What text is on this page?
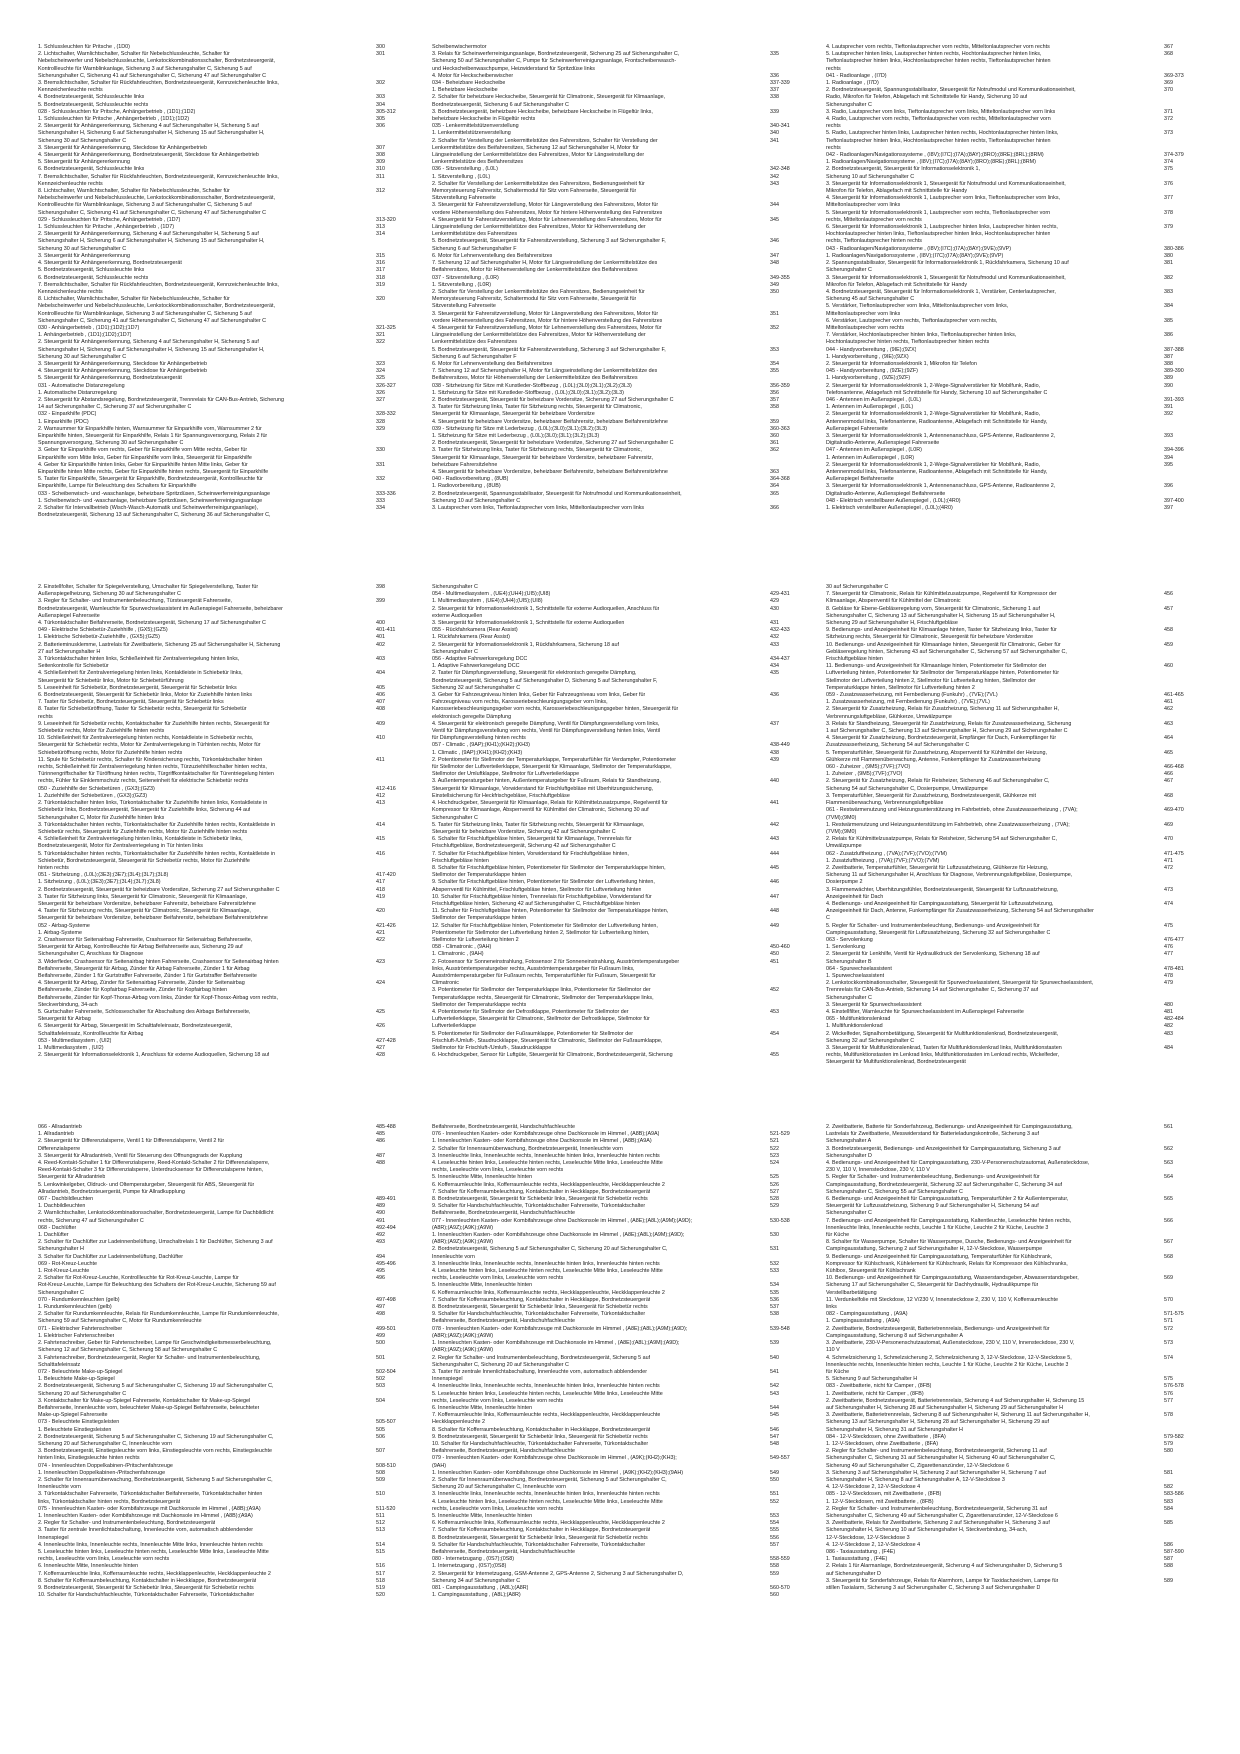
1. Schlussleuchten für Pritsche , (1D0)	300
2. Lichtschalter, Warnlichtschalter, Schalter für Nebelschlussleuchte, Schalter für	301
Nebelscheinwerfer und Nebelschlussleuchte, Lenkstockkombinationsschalter, Bordnetzsteuergerät,
Kontrollleuchte für Warnblinkanlage, Sicherung 3 auf Sicherungshalter C, Sicherung 5 auf
Sicherungshalter C, Sicherung 41 auf Sicherungshalter C, Sicherung 47 auf Sicherungshalter C
3. Bremslichtschalter, Schalter für Rückfahrleuchten, Bordnetzsteuergerät, Kennzeichenleuchte links,	302
Kennzeichenleuchte rechts
4. Bordnetzsteuergerät, Schlussleuchte links	303
5. Bordnetzsteuergerät, Schlussleuchte rechts	304
028 - Schlussleuchten für Pritsche, Anhängerbetrieb , (1D1);(1D2)	305-312
1. Schlussleuchten für Pritsche , Anhängerbetrieb , (1D1);(1D2)	305
2. Steuergerät für Anhängererkennung, Sicherung 4 auf Sicherungshalter H, Sicherung 5 auf	306
Sicherungshalter H, Sicherung 6 auf Sicherungshalter H, Sicherung 15 auf Sicherungshalter H,
Sicherung 30 auf Sicherungshalter C
3. Steuergerät für Anhängererkennung, Steckdose für Anhängerbetrieb	307
4. Steuergerät für Anhängererkennung, Bordnetzsteuergerät, Steckdose für Anhängerbetrieb	308
5. Steuergerät für Anhängererkennung	309
6. Bordnetzsteuergerät, Schlussleuchte links	310
7. Bremslichtschalter, Schalter für Rückfahrleuchten, Bordnetzsteuergerät, Kennzeichenleuchte links,	311
Kennzeichenleuchte rechts
8. Lichtschalter, Warnlichtschalter, Schalter für Nebelschlussleuchte, Schalter für	312
Nebelscheinwerfer und Nebelschlussleuchte, Lenkstockkombinationsschalter, Bordnetzsteuergerät,
Kontrollleuchte für Warnblinkanlage, Sicherung 3 auf Sicherungshalter C, Sicherung 5 auf
Sicherungshalter C, Sicherung 41 auf Sicherungshalter C, Sicherung 47 auf Sicherungshalter C
029 - Schlussleuchten für Pritsche, Anhängerbetrieb , (1D7)	313-320
1. Schlussleuchten für Pritsche , Anhängerbetrieb , (1D7)	313
2. Steuergerät für Anhängererkennung, Sicherung 4 auf Sicherungshalter H, Sicherung 5 auf	314
Sicherungshalter H, Sicherung 6 auf Sicherungshalter H, Sicherung 15 auf Sicherungshalter H,
Sicherung 30 auf Sicherungshalter C
3. Steuergerät für Anhängererkennung	315
4. Steuergerät für Anhängererkennung, Bordnetzsteuergerät	316
5. Bordnetzsteuergerät, Schlussleuchte links	317
6. Bordnetzsteuergerät, Schlussleuchte rechts	318
7. Bremslichtschalter, Schalter für Rückfahrleuchten, Bordnetzsteuergerät, Kennzeichenleuchte links,	319
Kennzeichenleuchte rechts
8. Lichtschalter, Warnlichtschalter, Schalter für Nebelschlussleuchte, Schalter für	320
Nebelscheinwerfer und Nebelschlussleuchte, Lenkstockkombinationsschalter, Bordnetzsteuergerät,
Kontrollleuchte für Warnblinkanlage, Sicherung 3 auf Sicherungshalter C, Sicherung 5 auf
Sicherungshalter C, Sicherung 41 auf Sicherungshalter C, Sicherung 47 auf Sicherungshalter C
030 - Anhängerbetrieb , (1D1);(1D2);(1D7)	321-325
1. Anhängerbetrieb , (1D1);(1D2);(1D7)	321
2. Steuergerät für Anhängererkennung, Sicherung 4 auf Sicherungshalter H, Sicherung 5 auf	322
Sicherungshalter H, Sicherung 6 auf Sicherungshalter H, Sicherung 15 auf Sicherungshalter H,
Sicherung 30 auf Sicherungshalter C
3. Steuergerät für Anhängererkennung, Steckdose für Anhängerbetrieb	323
4. Steuergerät für Anhängererkennung, Steckdose für Anhängerbetrieb	324
5. Steuergerät für Anhängererkennung, Bordnetzsteuergerät	325
031 - Automatische Distanzregelung	326-327
1. Automatische Distanzregelung	326
2. Steuergerät für Abstandsregelung, Bordnetzsteuergerät, Trennrelais für CAN-Bus-Antrieb, Sicherung	327
14 auf Sicherungshalter C, Sicherung 37 auf Sicherungshalter C
032 - Einparkhilfe (PDC)	328-332
1. Einparkhilfe (PDC)	328
2. Warnsummer für Einparkhilfe hinten, Warnsummer für Einparkhilfe vorn, Warnsummer 2 für	329
Einparkhilfe hinten, Steuergerät für Einparkhilfe, Relais 1 für Spannungsversorgung, Relais 2 für
Spannungsversorgung, Sicherung 30 auf Sicherungshalter C
3. Geber für Einparkhilfe vorn rechts, Geber für Einparkhilfe vorn Mitte rechts, Geber für	330
Einparkhilfe vorn Mitte links, Geber für Einparkhilfe vorn links, Steuergerät für Einparkhilfe
4. Geber für Einparkhilfe hinten links, Geber für Einparkhilfe hinten Mitte links, Geber für	331
Einparkhilfe hinten Mitte rechts, Geber für Einparkhilfe hinten rechts, Steuergerät für Einparkhilfe
5. Taster für Einparkhilfe, Steuergerät für Einparkhilfe, Bordnetzsteuergerät, Kontrollleuchte für	332
Einparkhilfe, Lampe für Beleuchtung des Schalters für Einparkhilfe
033 - Scheibenwisch- und -waschanlage, beheizbare Spritzdüsen, Scheinwerferreinigungsanlage	333-336
1. Scheibenwisch- und -waschanlage, beheizbare Spritzdüsen, Scheinwerferreinigungsanlage	333
2. Schalter für Intervallbetrieb (Wisch-Wasch-Automatik und Scheinwerferreinigungsanlage),	334
Bordnetzsteuergerät, Sicherung 13 auf Sicherungshalter C, Sicherung 36 auf Sicherungshalter C,
Scheibenwischermotor
3. Relais für Scheinwerferreinigungsanlage, Bordnetzsteuergerät, Sicherung 25 auf Sicherungshalter C,	335
Sicherung 50 auf Sicherungshalter C, Pumpe für Scheinwerferreinigungsanlage, Frontscheibenwasch-
und Heckscheibenwaschpumpe, Heizwiderstand für Spritzdüse links
4. Motor für Heckscheibenwischer	336
034 - Beheizbare Heckscheibe	337-339
1. Beheizbare Heckscheibe	337
2. Schalter für beheizbare Heckscheibe, Steuergerät für Climatronic, Steuergerät für Klimaanlage,	338
Bordnetzsteuergerät, Sicherung 6 auf Sicherungshalter C
3. Bordnetzsteuergerät, beheizbare Heckscheibe, beheizbare Heckscheibe in Flügeltür links,	339
beheizbare Heckscheibe in Flügeltür rechts
035 - Lenkermittelstützenverstellung	340-341
1. Lenkermittelstützenverstellung	340
2. Schalter für Verstellung der Lenkermittelstütze des Fahrersitzes, Schalter für Verstellung der	341
Lenkermittelstütze des Beifahrersitzes, Sicherung 12 auf Sicherungshalter H, Motor für
Längseinstellung der Lenkermittelstütze des Fahrersitzes, Motor für Längseinstellung der
Lenkermittelstütze des Beifahrersitzes
036 - Sitzverstellung , (L0L)	342-348
1. Sitzverstellung , (L0L)	342
2. Schalter für Verstellung der Lenkermittelstütze des Fahrersitzes, Bedienungseinheit für	343
Memorysteuerung Fahrersitz, Schaltermodul für Sitz vorn Fahrerseite, Steuergerät für
Sitzverstellung Fahrerseite
3. Steuergerät für Fahrersitzverstellung, Motor für Längsverstellung des Fahrersitzes, Motor für	344
vordere Höhenverstellung des Fahrersitzes, Motor für hintere Höhenverstellung des Fahrersitzes
4. Steuergerät für Fahrersitzverstellung, Motor für Lehnenverstellung des Fahrersitzes, Motor für	345
Längseinstellung der Lenkermittelstütze des Fahrersitzes, Motor für Höhenverstellung der
Lenkermittelstütze des Fahrersitzes
5. Bordnetzsteuergerät, Steuergerät für Fahrersitzverstellung, Sicherung 3 auf Sicherungshalter F,	346
Sicherung 6 auf Sicherungshalter F
6. Motor für Lehnenverstellung des Beifahrersitzes	347
7. Sicherung 12 auf Sicherungshalter H, Motor für Längseinstellung der Lenkermittelstütze des	348
Beifahrersitzes, Motor für Höhenverstellung der Lenkermittelstütze des Beifahrersitzes
037 - Sitzverstellung , (L0R)	349-355
1. Sitzverstellung , (L0R)	349
2. Schalter für Verstellung der Lenkermittelstütze des Fahrersitzes, Bedienungseinheit für	350
Memorysteuerung Fahrersitz, Schaltermodul für Sitz vorn Fahrerseite, Steuergerät für
Sitzverstellung Fahrerseite
3. Steuergerät für Fahrersitzverstellung, Motor für Längsverstellung des Fahrersitzes, Motor für	351
vordere Höhenverstellung des Fahrersitzes, Motor für hintere Höhenverstellung des Fahrersitzes
4. Steuergerät für Fahrersitzverstellung, Motor für Lehnenverstellung des Fahrersitzes, Motor für	352
Längseinstellung der Lenkermittelstütze des Fahrersitzes, Motor für Höhenverstellung der
Lenkermittelstütze des Fahrersitzes
5. Bordnetzsteuergerät, Steuergerät für Fahrersitzverstellung, Sicherung 3 auf Sicherungshalter F,	353
Sicherung 6 auf Sicherungshalter F
6. Motor für Lehnenverstellung des Beifahrersitzes	354
7. Sicherung 12 auf Sicherungshalter H, Motor für Längseinstellung der Lenkermittelstütze des	355
Beifahrersitzes, Motor für Höhenverstellung der Lenkermittelstütze des Beifahrersitzes
038 - Sitzheizung für Sitze mit Kunstleder-Stoffbezug , (L0L);(3L0);(3L1);(3L2);(3L3)	356-359
1. Sitzheizung für Sitze mit Kunstleder-Stoffbezug , (L0L);(3L0);(3L1);(3L2);(3L3)	356
2. Bordnetzsteuergerät, Steuergerät für beheizbare Vordersitze, Sicherung 27 auf Sicherungshalter C	357
3. Taster für Sitzheizung links, Taster für Sitzheizung rechts, Steuergerät für Climatronic,	358
Steuergerät für Klimaanlage, Steuergerät für beheizbare Vordersitze
4. Steuergerät für beheizbare Vordersitze, beheizbarer Beifahrersitz, beheizbare Beifahrersitzlehne	359
039 - Sitzheizung für Sitze mit Lederbezug , (L0L);(3L0);(3L1);(3L2);(3L3)	360-363
1. Sitzheizung für Sitze mit Lederbezug , (L0L);(3L0);(3L1);(3L2);(3L3)	360
2. Bordnetzsteuergerät, Steuergerät für beheizbare Vordersitze, Sicherung 27 auf Sicherungshalter C	361
3. Taster für Sitzheizung links, Taster für Sitzheizung rechts, Steuergerät für Climatronic,	362
Steuergerät für Klimaanlage, Steuergerät für beheizbare Vordersitze, beheizbarer Fahrersitz,
beheizbare Fahrersitzlehne
4. Steuergerät für beheizbare Vordersitze, beheizbarer Beifahrersitz, beheizbare Beifahrersitzlehne	363
040 - Radiovorbereitung , (8UB)	364-368
1. Radiovorbereitung , (8UB)	364
2. Bordnetzsteuergerät, Spannungsstabilisator, Steuergerät für Notrufmodul und Kommunikationseinheit,	365
Sicherung 10 auf Sicherungshalter C
3. Lautsprecher vorn links, Tieftonlautsprecher vorn links, Mitteltonlautsprecher vorn links	366
4. Lautsprecher vorn rechts, Tieftonlautsprecher vorn rechts, Mitteltonlautsprecher vorn rechts	367
5. Lautsprecher hinten links, Lautsprecher hinten rechts, Hochtonlautsprecher hinten links,	368
Tieftonlautsprecher hinten links, Hochtonlautsprecher hinten rechts, Tieftonlautsprecher hinten
rechts
041 - Radioanlage , (I7D)	369-373
1. Radioanlage , (I7D)	369
2. Bordnetzsteuergerät, Spannungsstabilisator, Steuergerät für Notrufmodul und Kommunikationseinheit,	370
Radio, Mikrofon für Telefon, Ablagefach mit Schnittstelle für Handy, Sicherung 10 auf
Sicherungshalter C
3. Radio, Lautsprecher vorn links, Tieftonlautsprecher vorn links, Mitteltonlautsprecher vorn links	371
4. Radio, Lautsprecher vorn rechts, Tieftonlautsprecher vorn rechts, Mitteltonlautsprecher vorn	372
rechts
5. Radio, Lautsprecher hinten links, Lautsprecher hinten rechts, Hochtonlautsprecher hinten links,	373
Tieftonlautsprecher hinten links, Hochtonlautsprecher hinten rechts, Tieftonlautsprecher hinten
rechts
042 - Radioanlagen/Navigationssysteme , (I8V);(I7C);(I7A);(8AY);(8RO);(8RE);(8RL);(8RM)	374-379
1. Radioanlagen/Navigationssysteme , (I8V);(I7C);(I7A);(8AY);(8RO);(8RE);(8RL);(8RM)	374
2. Bordnetzsteuergerät, Steuergerät für Informationselektronik 1,	375
Sicherung 10 auf Sicherungshalter C
3. Steuergerät für Informationselektronik 1, Steuergerät für Notrufmodul und Kommunikationseinheit,	376
Mikrofon für Telefon, Ablagefach mit Schnittstelle für Handy
4. Steuergerät für Informationselektronik 1, Lautsprecher vorn links, Tieftonlautsprecher vorn links,	377
Mitteltonlautsprecher vorn links
5. Steuergerät für Informationselektronik 1, Lautsprecher vorn rechts, Tieftonlautsprecher vorn	378
rechts, Mitteltonlautsprecher vorn rechts
6. Steuergerät für Informationselektronik 1, Lautsprecher hinten links, Lautsprecher hinten rechts,	379
Hochtonlautsprecher hinten links, Tieftonlautsprecher hinten links, Hochtonlautsprecher hinten
rechts, Tieftonlautsprecher hinten rechts
043 - Radioanlagen/Navigationssysteme , (I8V);(I7C);(I7A);(8AY);(9VE);(9VP)	380-386
1. Radioanlagen/Navigationssysteme , (I8V);(I7C);(I7A);(8AY);(9VE);(9VP)	380
2. Spannungsstabilisator, Steuergerät für Informationselektronik 1, Rückfahrkamera, Sicherung 10 auf	381
Sicherungshalter C
3. Steuergerät für Informationselektronik 1, Steuergerät für Notrufmodul und Kommunikationseinheit,	382
Mikrofon für Telefon, Ablagefach mit Schnittstelle für Handy
4. Bordnetzsteuergerät, Steuergerät für Informationselektronik 1, Verstärker, Centerlautsprecher,	383
Sicherung 45 auf Sicherungshalter C
5. Verstärker, Tieftonlautsprecher vorn links, Mitteltonlautsprecher vorn links,	384
Mitteltonlautsprecher vorn links
6. Verstärker, Lautsprecher vorn rechts, Tieftonlautsprecher vorn rechts,	385
Mitteltonlautsprecher vorn rechts
7. Verstärker, Hochtonlautsprecher hinten links, Tieftonlautsprecher hinten links,	386
Hochtonlautsprecher hinten rechts, Tieftonlautsprecher hinten rechts
044 - Handyvorbereitung , (9IE);(9ZX)	387-388
1. Handyvorbereitung , (9IE);(9ZX)	387
2. Steuergerät für Informationselektronik 1, Mikrofon für Telefon	388
045 - Handyvorbereitung , (9ZE);(9ZF)	389-390
1. Handyvorbereitung , (9ZE);(9ZF)	389
2. Steuergerät für Informationselektronik 1, 2-Wege-Signalverstärker für Mobilfunk, Radio,	390
Telefonantenne, Ablagefach mit Schnittstelle für Handy, Sicherung 10 auf Sicherungshalter C
046 - Antennen im Außenspiegel , (L0L)	391-393
1. Antennen im Außenspiegel , (L0L)	391
2. Steuergerät für Informationselektronik 1, 2-Wege-Signalverstärker für Mobilfunk, Radio,	392
Antennenmodul links, Telefonantenne, Radioantenne, Ablagefach mit Schnittstelle für Handy,
Außenspiegel Fahrerseite
3. Steuergerät für Informationselektronik 1, Antennenanschluss, GPS-Antenne, Radioantenne 2,	393
Digitalradio-Antenne, Außenspiegel Fahrerseite
047 - Antennen im Außenspiegel , (L0R)	394-396
1. Antennen im Außenspiegel , (L0R)	394
2. Steuergerät für Informationselektronik 1, 2-Wege-Signalverstärker für Mobilfunk, Radio,	395
Antennenmodul links, Telefonantenne, Radioantenne, Ablagefach mit Schnittstelle für Handy,
Außenspiegel Beifahrerseite
3. Steuergerät für Informationselektronik 1, Antennenanschluss, GPS-Antenne, Radioantenne 2,	396
Digitalradio-Antenne, Außenspiegel Beifahrerseite
048 - Elektrisch verstellbarer Außenspiegel , (L0L);(4R0)	397-400
1. Elektrisch verstellbarer Außenspiegel , (L0L);(4R0)	397
2. Einstellfolter, Schalter für Spiegelverstellung, Umschalter für Spiegelverstellung, Taster für	398
Außenspiegelheizung, Sicherung 30 auf Sicherungshalter C
3. Regler für Schalter- und Instrumentenbeleuchtung, Türsteuergerät Fahrerseite,	399
Bordnetzsteuergerät, Warnleuchte für Spurwechselassistent im Außenspiegel Fahrerseite, beheizbarer
Außenspiegel Fahrerseite
4. Türkontaktschalter Beifahrerseite, Bordnetzsteuergerät, Sicherung 17 auf Sicherungshalter C	400
049 - Elektrische Schiebetür-Zuziehhilfe , (GX5);(GZ5)	401-411
1. Elektrische Schiebetür-Zuziehhilfe , (GX5);(GZ5)	401
2. Batterieminusklemme, Lastrelais für Zweitbatterie, Sicherung 25 auf Sicherungshalter H, Sicherung	402
27 auf Sicherungshalter H
3. Türkontaktschalter hinten links, Schließeinheit für Zentralverriegelung hinten links,	403
Seitenkontrolle für Schiebetür
4. Schließeinheit für Zentralverriegelung hinten links, Kontaktleiste in Schiebetür links,	404
Steuergerät für Schiebetür links, Motor für Schiebetürführung
5. Leseeinheit für Schiebetür, Bordnetzsteuergerät, Steuergerät für Schiebetür links	405
6. Bordnetzsteuergerät, Steuergerät für Schiebetür links, Motor für Zuziehhilfe hinten links	406
7. Taster für Schiebetür, Bordnetzsteuergerät, Steuergerät für Schiebetür links	407
8. Taster für Schiebetüröffnung, Taster für Schiebetür rechts, Steuergerät für Schiebetür	408
rechts
9. Leseeinheit für Schiebetür rechts, Kontaktschalter für Zuziehhilfe hinten rechts, Steuergerät für	409
Schiebetür rechts, Motor für Zuziehhilfe hinten rechts
10. Schließeinheit für Zentralverriegelung hinten rechts, Kontaktleiste in Schiebetür rechts,	410
Steuergerät für Schiebetür rechts, Motor für Zentralverriegelung in Türhinten rechts, Motor für
Schiebetüröffnung rechts, Motor für Zuziehhilfe hinten rechts
11. Spule für Schiebetür rechts, Schalter für Kindersicherung rechts, Türkontaktschalter hinten	411
rechts, Schließeinheit für Zentralverriegelung hinten rechts, Türzuziehhilfeschalter hinten rechts,
Türinnengriffschalter für Türöffnung hinten rechts, Türgriffkontaktschalter für Türentriegelung hinten
rechts, Fühler für Einklemmschutz rechts, Seiteneinheit für elektrische Schiebetür rechts
050 - Zuziehhilfe der Schiebetüren , (GX3);(GZ3)	412-416
1. Zuziehhilfe der Schiebetüren , (GX3);(GZ3)	412
2. Türkontaktschalter hinten links, Türkontaktschalter für Zuziehhilfe hinten links, Kontaktleiste in	413
Schiebetür links, Bordnetzsteuergerät, Steuergerät für Zuziehhilfe links, Sicherung 44 auf
Sicherungshalter C, Motor für Zuziehhilfe hinten links
3. Türkontaktschalter hinten rechts, Türkontaktschalter für Zuziehhilfe hinten rechts, Kontaktleiste in	414
Schiebetür rechts, Steuergerät für Zuziehhilfe rechts, Motor für Zuziehhilfe hinten rechts
4. Schließeinheit für Zentralverriegelung hinten links, Kontaktleiste in Schiebetür links,	415
Bordnetzsteuergerät, Motor für Zentralverriegelung in Tür hinten links
5. Türkontaktschalter hinten rechts, Türkontaktschalter für Zuziehhilfe hinten rechts, Kontaktleiste in	416
Schiebetür, Bordnetzsteuergerät, Steuergerät für Schiebetür rechts, Motor für Zuziehhilfe
hinten rechts
051 - Sitzheizung , (L0L);(3E3);(3E7);(3L4);(3L7);(3L8)	417-420
1. Sitzheizung , (L0L);(3E3);(3E7);(3L4);(3L7);(3L8)	417
2. Bordnetzsteuergerät, Steuergerät für beheizbare Vordersitze, Sicherung 27 auf Sicherungshalter C	418
3. Taster für Sitzheizung links, Steuergerät für Climatronic, Steuergerät für Klimaanlage,	419
Steuergerät für beheizbare Vordersitze, beheizbarer Fahrersitz, beheizbare Fahrersitzlehne
4. Taster für Sitzheizung rechts, Steuergerät für Climatronic, Steuergerät für Klimaanlage,	420
Steuergerät für beheizbare Vordersitze, beheizbarer Beifahrersitz, beheizbare Beifahrersitzlehne
052 - Airbag-Systeme	421-426
1. Airbag-Systeme	421
2. Crashsensor für Seitenairbag Fahrerseite, Crashsensor für Seitenairbag Beifahrerseite,	422
Steuergerät für Airbag, Kontrollleuchte für Airbag Beifahrerseite aus, Sicherung 29 auf
Sicherungshalter C, Anschluss für Diagnose
3. Widerfleder, Crashsensor für Seitenairbag hinten Fahrerseite, Crashsensor für Seitenairbag hinten	423
Beifahrerseite, Steuergerät für Airbag, Zünder für Airbag Fahrerseite, Zünder 1 für Airbag
Beifahrerseite, Zünder 1 für Gurtstraffer Fahrerseite, Zünder 1 für Gurtstraffer Beifahrerseite
4. Steuergerät für Airbag, Zünder für Seitenairbag Fahrerseite, Zünder für Seitenairbag	424
Beifahrerseite, Zünder für Kopfairbag Fahrerseite, Zünder für Kopfairbag hinten
Beifahrerseite, Zünder für Kopf-Thorax-Airbag vorn links, Zünder für Kopf-Thorax-Airbag vorn rechts,
Steckverbindung, 34-ach
5. Gurtschalter Fahrerseite, Schlosseschalter für Abschaltung des Airbags Beifahrerseite,	425
Steuergerät für Airbag
6. Steuergerät für Airbag, Steuergerät im Schalttafeleinsatz, Bordnetzsteuergerät,	426
Schalttafeleinsatz, Kontrollleuchte für Airbag
053 - Multimediasystem , (UI2)	427-428
1. Multimediasystem , (UI2)	427
2. Steuergerät für Informationselektronik 1, Anschluss für externe Audioquellen, Sicherung 18 auf	428
Sicherungshalter C
054 - Multimediasystem , (UE4);(UH4);(UI5);(UI8)	429-431
1. Multimediasystem , (UE4);(UH4);(UI5);(UI8)	429
2. Steuergerät für Informationselektronik 1, Schnittstelle für externe Audioquellen, Anschluss für	430
externe Audioquellen
3. Steuergerät für Informationselektronik 1, Schnittstelle für externe Audioquellen	431
055 - Rückfahrkamera (Rear Assist)	432-433
1. Rückfahrkamera (Rear Assist)	432
2. Steuergerät für Informationselektronik 1, Rückfahrkamera, Sicherung 18 auf	433
Sicherungshalter C
056 - Adaptive Fahrwerksregelung DCC	434-437
1. Adaptive Fahrwerksregelung DCC	434
2. Taster für Dämpfungsverstellung, Steuergerät für elektronisch geregelte Dämpfung,	435
Bordnetzsteuergerät, Sicherung 5 auf Sicherungshalter D, Sicherung 5 auf Sicherungshalter F,
Sicherung 32 auf Sicherungshalter C
3. Geber für Fahrzeugniveau hinten links, Geber für Fahrzeugniveau vorn links, Geber für	436
Fahrzeugniveau vorn rechts, Karosseriebeschleunigungsgeber vorn links,
Karosseriebeschleunigungsgeber vorn rechts, Karosseriebeschleunigungsgeber hinten, Steuergerät für
elektronisch geregelte Dämpfung
4. Steuergerät für elektronisch geregelte Dämpfung, Ventil für Dämpfungsverstellung vorn links,	437
Ventil für Dämpfungsverstellung vorn rechts, Ventil für Dämpfungsverstellung hinten links, Ventil
für Dämpfungsverstellung hinten rechts
057 - Climatic , (9AP);(KH1);(KH2);(KH3)	438-449
1. Climatic , (9AP);(KH1);(KH2);(KH3)	438
2. Potentiometer für Stellmotor der Temperaturklappe, Temperaturfühler für Verdampfer, Potentiometer	439
für Stellmotor der Luftverteilerklappe, Steuergerät für Klimaanlage, Stellmotor der Temperaturklappe,
Stellmotor der Umluftklappe, Stellmotor für Luftverteilerklappe
3. Außentemperaturgeber hinten, Außentemperaturgeber für Fußraum, Relais für Standheizung,	440
Steuergerät für Klimaanlage, Vorwiderstand für Frischluftgebläse mit Überhitzungssicherung,
Einstellsicherung für Heckfrischgebläse, Frischluftgebläse
4. Hochdruckgeber, Steuergerät für Klimaanlage, Relais für Kühlmittelzusatzpumpe, Regelventil für	441
Kompressor für Klimaanlage, Absperrventil für Kühlmittel der Climatronic, Sicherung 30 auf
Sicherungshalter C
5. Taster für Sitzheizung links, Taster für Sitzheizung rechts, Steuergerät für Klimaanlage,	442
Steuergerät für beheizbare Vordersitze, Sicherung 42 auf Sicherungshalter C
6. Schalter für Frischluftgebläse hinten, Steuergerät für Klimaanlage, Trennrelais für	443
Frischluftgebläse, Bordnetzsteuergerät, Sicherung 42 auf Sicherungshalter C
7. Schalter für Frischluftgebläse hinten, Vorwiderstand für Frischluftgebläse hinten,	444
Frischluftgebläse hinten
8. Schalter für Frischluftgebläse hinten, Potentiometer für Stellmotor der Temperaturklappe hinten,	445
Stellmotor der Temperaturklappe hinten
9. Schalter für Frischluftgebläse hinten, Potentiometer für Stellmotor der Luftverteilung hinten,	446
Absperrventil für Kühlmittel, Frischluftgebläse hinten, Stellmotor für Luftverteilung hinten
10. Schalter für Frischluftgebläse hinten, Trennrelais für Frischluftgebläse, Vorwiderstand für	447
Frischluftgebläse hinten, Sicherung 42 auf Sicherungshalter C, Frischluftgebläse hinten
11. Schalter für Frischluftgebläse hinten, Potentiometer für Stellmotor der Temperaturklappe hinten,	448
Stellmotor der Temperaturklappe hinten
12. Schalter für Frischluftgebläse hinten, Potentiometer für Stellmotor der Luftverteilung hinten,	449
Potentiometer für Stellmotor der Luftverteilung hinten 2, Stellmotor für Luftverteilung hinten,
Stellmotor für Luftverteilung hinten 2
058 - Climatronic , (9AH)	450-460
1. Climatronic , (9AH)	450
2. Fotosensor für Sonneneinstrahlung, Fotosensor 2 für Sonneneinstrahlung, Ausströmtemperaturgeber	451
links, Ausströmtemperaturgeber rechts, Ausströmtemperaturgeber für Fußraum links,
Ausströmtemperaturgeber für Fußraum rechts, Temperaturfühler für Fußraum, Steuergerät für
Climatronic
3. Potentiometer für Stellmotor der Temperaturklappe links, Potentiometer für Stellmotor der	452
Temperaturklappe rechts, Steuergerät für Climatronic, Stellmotor der Temperaturklappe links,
Stellmotor der Temperaturklappe rechts
4. Potentiometer für Stellmotor der Defrostklappe, Potentiometer für Stellmotor der	453
Luftverteilerklappe, Steuergerät für Climatronic, Stellmotor der Defrostklappe, Stellmotor für
Luftverteilerklappe
5. Potentiometer für Stellmotor der Fußraumklappe, Potentiometer für Stellmotor der	454
Frischluft-/Umluft-, Staudruckklappe, Steuergerät für Climatronic, Stellmotor der Fußraumklappe,
Stellmotor für Frischluft-/Umluft-, Staudruckklappe
6. Hochdruckgeber, Sensor für Luftgüte, Steuergerät für Climatronic, Bordnetzsteuergerät, Sicherung	455
30 auf Sicherungshalter C
7. Steuergerät für Climatronic, Relais für Kühlmittelzusatzpumpe, Regelventil für Kompressor der	456
Klimaanlage, Absperrventil für Kühlmittel der Climatronic
8. Gebläse für Ebene-Gebläseregelung vorn, Steuergerät für Climatronic, Sicherung 1 auf	457
Sicherungshalter C, Sicherung 13 auf Sicherungshalter H, Sicherung 15 auf Sicherungshalter H,
Sicherung 29 auf Sicherungshalter H, Frischluftgebläse
9. Bedienungs- und Anzeigeeinheit für Klimaanlage hinten, Taster für Sitzheizung links, Taster für	458
Sitzheizung rechts, Steuergerät für Climatronic, Steuergerät für beheizbare Vordersitze
10. Bedienungs- und Anzeigeeinheit für Klimaanlage hinten, Steuergerät für Climatronic, Geber für	459
Gebläseregelung hinten, Sicherung 43 auf Sicherungshalter C, Sicherung 57 auf Sicherungshalter C,
Frischluftgebläse hinten
11. Bedienungs- und Anzeigeeinheit für Klimaanlage hinten, Potentiometer für Stellmotor der	460
Luftverteilung hinten, Potentiometer für Stellmotor der Temperaturklappe hinten, Potentiometer für
Stellmotor der Luftverteilung hinten 2, Stellmotor für Luftverteilung hinten, Stellmotor der
Temperaturklappe hinten, Stellmotor für Luftverteilung hinten 2
059 - Zusatzwasserheizung, mit Fernbedienung (Funkuhr) , (7VE);(7VL)	461-465
1. Zusatzwasserheizung, mit Fernbedienung (Funkuhr) , (7VE);(7VL)	461
2. Steuergerät für Zusatzheizung, Relais für Zusatzheizung, Sicherung 11 auf Sicherungshalter H,	462
Verbrennungsluftgebläse, Glühkerze, Umwälzpumpe
3. Relais für Standheizung, Steuergerät für Zusatzheizung, Relais für Zusatzwasserheizung, Sicherung	463
1 auf Sicherungshalter C, Sicherung 13 auf Sicherungshalter H, Sicherung 29 auf Sicherungshalter C
4. Steuergerät für Zusatzheizung, Bordnetzsteuergerät, Empfänger für Dach, Funkempfänger für	464
Zusatzwasserheizung, Sicherung 54 auf Sicherungshalter C
5. Temperaturfühler, Steuergerät für Zusatzheizung, Absperrventil für Kühlmittel der Heizung,	465
Glühkerze mit Flammenüberwachung, Antenne, Funkempfänger für Zusatzwasserheizung
060 - Zuheizer , (9M5);(7VF);(7VO)	466-468
1. Zuheizer , (9M5);(7VF);(7VO)	466
2. Steuergerät für Zusatzheizung, Relais für Reisheizer, Sicherung 46 auf Sicherungshalter C,	467
Sicherung 54 auf Sicherungshalter C, Dosierpumpe, Umwälzpumpe
3. Temperaturfühler, Steuergerät für Zusatzheizung, Bordnetzsteuergerät, Glühkerze mit	468
Flammenüberwachung, Verbrennungsluftgebläse
061 - Restwärmenutzung und Heizungsunterstützung im Fahrbetrieb, ohne Zusatzwasserheizung , (7VA);	469-470
(7VM);(9M0)
1. Restwärmenutzung und Heizungsunterstützung im Fahrbetrieb, ohne Zusatzwasserheizung , (7VA);	469
(7VM);(9M0)
2. Relais für Kühlmittelzusatzpumpe, Relais für Reisheizer, Sicherung 54 auf Sicherungshalter C,	470
Umwälzpumpe
062 - Zusatzluftheizung , (7VA);(7VF);(7VO);(7VM)	471-475
1. Zusatzluftheizung , (7VA);(7VF);(7VO);(7VM)	471
2. Zweitbatterie, Temperaturfühler, Steuergerät für Luftzusatzheizung, Glühkerze für Heizung,	472
Sicherung 11 auf Sicherungshalter H, Anschluss für Diagnose, Verbrennungsluftgebläse, Dosierpumpe,
Dosierpumpe 2
3. Flammenwächter, Überhitzungsfühler, Bordnetzsteuergerät, Steuergerät für Luftzusatzheizung,	473
Anzeigeeinheit für Dach
4. Bedienungs- und Anzeigeeinheit für Campingausstattung, Steuergerät für Luftzusatzheizung,	474
Anzeigeeinheit für Dach, Antenne, Funkempfänger für Zusatzwasserheizung, Sicherung 54 auf Sicherungshalter
C
5. Regler für Schalter- und Instrumentenbeleuchtung, Bedienungs- und Anzeigeeinheit für	475
Campingausstattung, Steuergerät für Luftzusatzheizung, Sicherung 32 auf Sicherungshalter C
063 - Servolenkung	476-477
1. Servolenkung	476
2. Steuergerät für Lenkhilfe, Ventil für Hydraulikdruck der Servolenkung, Sicherung 18 auf	477
Sicherungshalter B
064 - Spurwechselassistent	478-481
1. Spurwechselassistent	478
2. Lenkstockkombinationsschalter, Steuergerät für Spurwechselassistent, Steuergerät für Spurwechselassistent,	479
Trennrelais für CAN-Bus-Antrieb, Sicherung 14 auf Sicherungshalter C, Sicherung 37 auf
Sicherungshalter C
3. Steuergerät für Spurwechselassistent	480
4. Einstellfilter, Warnleuchte für Spurwechselassistent im Außenspiegel Fahrerseite	481
065 - Multifunktionslenkrad	482-484
1. Multifunktionslenkrad	482
2. Wickelfeder, Signalhornbetätigung, Steuergerät für Multifunktionslenkrad, Bordnetzsteuergerät,	483
Sicherung 32 auf Sicherungshalter C
3. Steuergerät für Multifunktionslenkrad, Tasten für Multifunktionslenkrad links, Multifunktionstasten	484
rechts, Multifunktionstasten im Lenkrad links, Multifunktionstasten im Lenkrad rechts, Wickelfeder,
Steuergerät für Multifunktionslenkrad, Bordnetzsteuergerät
066 - Allradantrieb	485-488
1. Allradantrieb	485
2. Steuergerät für Differenzialsperre, Ventil 1 für Differenzialsperre, Ventil 2 für	486
Differenzialsperre
3. Steuergerät für Allradantrieb, Ventil für Steuerung des Öffnungsgrads der Kupplung	487
4. Reed-Kontakt-Schalter 1 für Differenzialsperre, Reed-Kontakt-Schalter 2 für Differenzialsperre,	488
Reed-Kontakt-Schalter 3 für Differenzialsperre, Unterdrucksensor für Differenzialsperre hinten,
Steuergerät für Allradantrieb
5. Lenkwinkelgeber, Öldruck- und Öltemperaturgeber, Steuergerät für ABS, Steuergerät für
Allradantrieb, Bordnetzsteuergerät, Pumpe für Allradkupplung
067 - Dachbildleuchten	489-491
1. Dachbildleuchten	489
2. Warnlichtschalter, Lenkstockkombinationsschalter, Bordnetzsteuergerät, Lampe für Dachbildlicht	490
rechts, Sicherung 47 auf Sicherungshalter C	491
068 - Dachlüfter	492-494
1. Dachlüfter	492
2. Schalter für Dachlüfter zur Ladeinnenbelüftung, Umschaltrelais 1 für Dachlüfter, Sicherung 3 auf	493
Sicherungshalter H
3. Schalter für Dachlüfter zur Ladeinnenbelüftung, Dachlüfter	494
069 - Rot-Kreuz-Leuchte	495-496
1. Rot-Kreuz-Leuchte	495
2. Schalter für Rot-Kreuz-Leuchte, Kontrollleuchte für Rot-Kreuz-Leuchte, Lampe für	496
Rot-Kreuz-Leuchte, Lampe für Beleuchtung des Schalters der Rot-Kreuz-Leuchte, Sicherung 59 auf
Sicherungshalter C
070 - Rundumkennleuchten (gelb)	497-498
1. Rundumkennleuchten (gelb)	497
2. Schalter für Rundumkennleuchte, Relais für Rundumkennleuchte, Lampe für Rundumkennleuchte,	498
Sicherung 59 auf Sicherungshalter C, Motor für Rundumkennleuchte
071 - Elektrischer Fahrtenschreiber	499-501
1. Elektrischer Fahrtenschreiber	499
2. Fahrtenschreiber, Geber für Fahrtenschreiber, Lampe für Geschwindigkeitsmesserbeleuchtung,	500
Sicherung 12 auf Sicherungshalter C, Sicherung 58 auf Sicherungshalter C
3. Fahrtenschreiber, Bordnetzsteuergerät, Regler für Schalter- und Instrumentenbeleuchtung,	501
Schalttafeleinsatz
072 - Beleuchtete Make-up-Spiegel	502-504
1. Beleuchtete Make-up-Spiegel	502
2. Bordnetzsteuergerät, Sicherung 5 auf Sicherungshalter C, Sicherung 19 auf Sicherungshalter C,	503
Sicherung 20 auf Sicherungshalter C
3. Kontaktschalter für Make-up-Spiegel Fahrerseite, Kontaktschalter für Make-up-Spiegel	504
Beifahrerseite, Innenleuchte vorn, beleuchteter Make-up-Spiegel Beifahrerseite, beleuchteter
Make-up-Spiegel Fahrerseite
073 - Beleuchtete Einstiegsleisten	505-507
1. Beleuchtete Einstiegsleisten	505
2. Bordnetzsteuergerät, Sicherung 5 auf Sicherungshalter C, Sicherung 19 auf Sicherungshalter C,	506
Sicherung 20 auf Sicherungshalter C, Innenleuchte vorn
3. Bordnetzsteuergerät, Einstiegsleuchte vorn links, Einstiegsleuchte vorn rechts, Einstiegsleuchte	507
hinten links, Einstiegsleuchte hinten rechts
074 - Innenleuchten Doppelkabinen-/Pritschenfahrzeuge	508-510
1. Innenleuchten Doppelkabinen-/Pritschenfahrzeuge	508
2. Schalter für Innenraumüberwachung, Bordnetzsteuergerät, Sicherung 5 auf Sicherungshalter C,	509
Innenleuchte vorn
3. Türkontaktschalter Fahrerseite, Türkontaktschalter Beifahrerseite, Türkontaktschalter hinten	510
links, Türkontaktschalter hinten rechts, Bordnetzsteuergerät
075 - Innenleuchten Kasten- oder Kombifahrzeuge mit Dachkonsole im Himmel , (A8B);(A9A)	511-520
1. Innenleuchten Kasten- oder Kombifahrzeuge mit Dachkonsole im Himmel , (A8B);(A9A)	511
2. Regler für Schalter- und Instrumentenbeleuchtung, Bordnetzsteuergerät	512
3. Taster für zentrale Innenlichtabschaltung, Innenleuchte vorn, automatisch abblendender	513
Innenspiegel
4. Innenleuchte links, Innenleuchte rechts, Innenleuchte Mitte links, Innenleuchte hinten rechts	514
5. Leseleuchte hinten links, Leseleuchte hinten rechts, Leseleuchte Mitte links, Leseleuchte Mitte	515
rechts, Leseleuchte vorn links, Leseleuchte vorn rechts
6. Innenleuchte Mitte, Innenleuchte hinten	516
7. Kofferraumleuchte links, Kofferraumleuchte rechts, Heckklappenleuchte, Heckklappenleuchte 2	517
8. Schalter für Kofferraumbeleuchtung, Kontaktschalter in Heckklappe, Bordnetzsteuergerät	518
9. Bordnetzsteuergerät, Steuergerät für Schiebetür links, Steuergerät für Schiebetür rechts	519
10. Schalter für Handschuhfachleuchte, Türkontaktschalter Fahrerseite, Türkontaktschalter	520
Beifahrerseite, Bordnetzsteuergerät, Handschuhfachleuchte
076 - Innenleuchten Kasten- oder Kombifahrzeuge ohne Dachkonsole im Himmel , (A8B);(A9A)	521-529
1. Innenleuchten Kasten- oder Kombifahrzeuge ohne Dachkonsole im Himmel , (A8B);(A9A)	521
2. Schalter für Innenraumüberwachung, Bordnetzsteuergerät, Innenleuchte vorn	522
3. Innenleuchte links, Innenleuchte rechts, Innenleuchte hinten links, Innenleuchte hinten rechts	523
4. Leseleuchte hinten links, Leseleuchte hinten rechts, Leseleuchte Mitte links, Leseleuchte Mitte	524
rechts, Leseleuchte vorn links, Leseleuchte vorn rechts
5. Innenleuchte Mitte, Innenleuchte hinten	525
6. Kofferraumleuchte links, Kofferraumleuchte rechts, Heckklappenleuchte, Heckklappenleuchte 2	526
7. Schalter für Kofferraumbeleuchtung, Kontaktschalter in Heckklappe, Bordnetzsteuergerät	527
8. Bordnetzsteuergerät, Steuergerät für Schiebetür links, Steuergerät für Schiebetür rechts	528
9. Schalter für Handschuhfachleuchte, Türkontaktschalter Fahrerseite, Türkontaktschalter	529
Beifahrerseite, Bordnetzsteuergerät, Handschuhfachleuchte
077 - Innenleuchten Kasten- oder Kombifahrzeuge ohne Dachkonsole im Himmel , (A8E);(A8L);(A9M);(A9D);	530-538
(A8R);(A9Z);(A9K);(A9W)
1. Innenleuchten Kasten- oder Kombifahrzeuge ohne Dachkonsole im Himmel , (A8E);(A8L);(A9M);(A9D);	530
(A8R);(A9Z);(A9K);(A9W)
2. Bordnetzsteuergerät, Sicherung 5 auf Sicherungshalter C, Sicherung 20 auf Sicherungshalter C,	531
Innenleuchte vorn
3. Innenleuchte links, Innenleuchte rechts, Innenleuchte hinten links, Innenleuchte hinten rechts	532
4. Leseleuchte hinten links, Leseleuchte hinten rechts, Leseleuchte Mitte links, Leseleuchte Mitte	533
rechts, Leseleuchte vorn links, Leseleuchte vorn rechts
5. Innenleuchte Mitte, Innenleuchte hinten	534
6. Kofferraumleuchte links, Kofferraumleuchte rechts, Heckklappenleuchte, Heckklappenleuchte 2	535
7. Schalter für Kofferraumbeleuchtung, Kontaktschalter in Heckklappe, Bordnetzsteuergerät	536
8. Bordnetzsteuergerät, Steuergerät für Schiebetür links, Steuergerät für Schiebetür rechts	537
9. Schalter für Handschuhfachleuchte, Türkontaktschalter Fahrerseite, Türkontaktschalter	538
Beifahrerseite, Bordnetzsteuergerät, Handschuhfachleuchte
078 - Innenleuchten Kasten- oder Kombifahrzeuge mit Dachkonsole im Himmel , (A8E);(A8L);(A9M);(A9D);	539-548
(A8R);(A9Z);(A9K);(A9W)
1. Innenleuchten Kasten- oder Kombifahrzeuge mit Dachkonsole im Himmel , (A8E);(A8L);(A9M);(A9D);	539
(A8R);(A9Z);(A9K);(A9W)
2. Regler für Schalter- und Instrumentenbeleuchtung, Bordnetzsteuergerät, Sicherung 5 auf	540
Sicherungshalter C, Sicherung 20 auf Sicherungshalter C
3. Taster für zentrale Innenlichtabschaltung, Innenleuchte vorn, automatisch abblendender	541
Innenspiegel
4. Innenleuchte links, Innenleuchte rechts, Innenleuchte hinten links, Innenleuchte hinten rechts	542
5. Leseleuchte hinten links, Leseleuchte hinten rechts, Leseleuchte Mitte links, Leseleuchte Mitte	543
rechts, Leseleuchte vorn links, Leseleuchte vorn rechts
6. Innenleuchte Mitte, Innenleuchte hinten	544
7. Kofferraumleuchte links, Kofferraumleuchte rechts, Heckklappenleuchte, Heckklappenleuchte	545
Heckklappenleuchte 2
8. Schalter für Kofferraumbeleuchtung, Kontaktschalter in Heckklappe, Bordnetzsteuergerät	546
9. Bordnetzsteuergerät, Steuergerät für Schiebetür links, Steuergerät für Schiebetür rechts	547
10. Schalter für Handschuhfachleuchte, Türkontaktschalter Fahrerseite, Türkontaktschalter	548
Beifahrerseite, Bordnetzsteuergerät, Handschuhfachleuchte
079 - Innenleuchten Kasten- oder Kombifahrzeuge ohne Dachkonsole im Himmel , (A9K);(KH2);(KH3);	549-557
(9AH)
1. Innenleuchten Kasten- oder Kombifahrzeuge ohne Dachkonsole im Himmel , (A9K);(KH2);(KH3);(9AH)	549
2. Schalter für Innenraumüberwachung, Bordnetzsteuergerät, Sicherung 5 auf Sicherungshalter C,	550
Sicherung 20 auf Sicherungshalter C, Innenleuchte vorn
3. Innenleuchte links, Innenleuchte rechts, Innenleuchte hinten links, Innenleuchte hinten rechts	551
4. Leseleuchte hinten links, Leseleuchte hinten rechts, Leseleuchte Mitte links, Leseleuchte Mitte	552
rechts, Leseleuchte vorn links, Leseleuchte vorn rechts
5. Innenleuchte Mitte, Innenleuchte hinten	553
6. Kofferraumleuchte links, Kofferraumleuchte rechts, Heckklappenleuchte, Heckklappenleuchte 2	554
7. Schalter für Kofferraumbeleuchtung, Kontaktschalter in Heckklappe, Bordnetzsteuergerät	555
8. Bordnetzsteuergerät, Steuergerät für Schiebetür links, Steuergerät für Schiebetür rechts	556
9. Schalter für Handschuhfachleuchte, Türkontaktschalter Fahrerseite, Türkontaktschalter	557
Beifahrerseite, Bordnetzsteuergerät, Handschuhfachleuchte
080 - Internetzugang , (0S7);(0S8)	558-559
1. Internetzugang , (0S7);(0S8)	558
2. Steuergerät für Internetzugang, GSM-Antenne 2, GPS-Antenne 2, Sicherung 3 auf Sicherungshalter D,	559
Sicherung 34 auf Sicherungshalter C
081 - Campingausstattung , (A8L);(A8R)	560-570
1. Campingausstattung , (A8L);(A8R)	560
2. Zweitbatterie, Batterie für Sonderfahrzeug, Bedienungs- und Anzeigeeinheit für Campingausstattung,	561
Lastrelais für Zweitbatterie, Messwiderstand für Batterieladungskontrolle, Sicherung 3 auf
Sicherungshalter A
3. Bordnetzsteuergerät, Bedienungs- und Anzeigeeinheit für Campingausstattung, Sicherung 3 auf	562
Sicherungshalter D
4. Bedienungs- und Anzeigeeinheit für Campingausstattung, 230-V-Personenschutzautomat, Außensteckdose,	563
230 V, 110 V, Innensteckdose, 230 V, 110 V
5. Regler für Schalter- und Instrumentenbeleuchtung, Bedienungs- und Anzeigeeinheit für	564
Campingausstattung, Bordnetzsteuergerät, Sicherung 32 auf Sicherungshalter C, Sicherung 34 auf
Sicherungshalter C, Sicherung 55 auf Sicherungshalter C
6. Bedienungs- und Anzeigeeinheit für Campingausstattung, Temperaturfühler 2 für Außentemperatur,	565
Steuergerät für Luftzusatzheizung, Sicherung 9 auf Sicherungshalter H, Sicherung 54 auf
Sicherungshalter C
7. Bedienungs- und Anzeigeeinheit für Campingausstattung, Kaltentleuchte, Leseleuchte hinten rechts,	566
Innenleuchte links, Innenleuchte rechts, Leuchte 1 für Küche, Leuchte 2 für Küche, Leuchte 3
für Küche
8. Schalter für Wasserpumpe, Schalter für Wasserpumpe, Dusche, Bedienungs- und Anzeigeeinheit für	567
Campingausstattung, Sicherung 2 auf Sicherungshalter H, 12-V-Steckdose, Wasserpumpe
9. Bedienungs- und Anzeigeeinheit für Campingausstattung, Temperaturfühler für Kühlschrank,	568
Kompressor für Kühlschrank, Kühlelement für Kühlschrank, Relais für Kompressor des Kühlschranks,
Kühlbox, Steuergerät für Kühlschrank
10. Bedienungs- und Anzeigeeinheit für Campingausstattung, Wasserstandsgeber, Abwasserstandsgeber,	569
Sicherung 17 auf Sicherungshalter C, Steuergerät für Dachhydraulik, Hydraulikpumpe für
Verstellbarbetätigung
11. Verdunkelfolie mit Steckdose, 12 V/230 V, Innensteckdose 2, 230 V, 110 V, Kofferraumleuchte	570
links
082 - Campingausstattung , (A9A)	571-575
1. Campingausstattung , (A9A)	571
2. Zweitbatterie, Bordnetzsteuergerät, Batterietrennrelais, Bedienungs- und Anzeigeeinheit für	572
Campingausstattung, Sicherung 8 auf Sicherungshalter A
3. Zweitbatterie, 230-V-Personenschutzautomat, Außensteckdose, 230 V, 110 V, Innensteckdose, 230 V,	573
110 V
4. Schmelzsicherung 1, Schmelzsicherung 2, Schmelzsicherung 3, 12-V-Steckdose, 12-V-Steckdose 5,	574
Innenleuchte rechts, Innenleuchte hinten rechts, Leuchte 1 für Küche, Leuchte 2 für Küche, Leuchte 3
für Küche
5. Sicherung 9 auf Sicherungshalter H	575
083 - Zweitbatterie, nicht für Camper , (8FB)	576-578
1. Zweitbatterie, nicht für Camper , (8FB)	576
2. Zweitbatterie, Bordnetzsteuergerät, Batterietrennrelais, Sicherung 4 auf Sicherungshalter H, Sicherung 15	577
auf Sicherungshalter H, Sicherung 28 auf Sicherungshalter H, Sicherung 29 auf Sicherungshalter H
3. Zweitbatterie, Batterietrennrelais, Sicherung 8 auf Sicherungshalter H, Sicherung 11 auf Sicherungshalter H,	578
Sicherung 13 auf Sicherungshalter H, Sicherung 28 auf Sicherungshalter H, Sicherung 29 auf
Sicherungshalter H, Sicherung 31 auf Sicherungshalter H
084 - 12-V-Steckdosen, ohne Zweitbatterie , (8FA)	579-582
1. 12-V-Steckdosen, ohne Zweitbatterie , (8FA)	579
2. Regler für Schalter- und Instrumentenbeleuchtung, Bordnetzsteuergerät, Sicherung 11 auf	580
Sicherungshalter C, Sicherung 31 auf Sicherungshalter H, Sicherung 40 auf Sicherungshalter C,
Sicherung 49 auf Sicherungshalter C, Zigarettenanzünder, 12-V-Steckdose 6
3. Sicherung 3 auf Sicherungshalter H, Sicherung 2 auf Sicherungshalter H, Sicherung 7 auf	581
Sicherungshalter H, Sicherung 8 auf Sicherungshalter A, 12-V-Steckdose 3
4. 12-V-Steckdose 2, 12-V-Steckdose 4	582
085 - 12-V-Steckdosen, mit Zweitbatterie , (8FB)	583-586
1. 12-V-Steckdosen, mit Zweitbatterie , (8FB)	583
2. Regler für Schalter- und Instrumentenbeleuchtung, Bordnetzsteuergerät, Sicherung 31 auf	584
Sicherungshalter C, Sicherung 49 auf Sicherungshalter C, Zigarettenanzünder, 12-V-Steckdose 6
3. Zweitbatterie, Relais für Zweitbatterie, Sicherung 2 auf Sicherungshalter H, Sicherung 3 auf	585
Sicherungshalter H, Sicherung 10 auf Sicherungshalter H, Steckverbindung, 34-ach,
12-V-Steckdose, 12-V-Steckdose 3
4. 12-V-Steckdose 2, 12-V-Steckdose 4	586
086 - Taxiausstattung , (F4E)	587-590
1. Taxiausstattung , (F4E)	587
2. Relais 1 für Alarmanlage, Bordnetzsteuergerät, Sicherung 4 auf Sicherungshalter D, Sicherung 5	588
auf Sicherungshalter D
3. Steuergerät für Sonderfahrzeuge, Relais für Alarmhorn, Lampe für Taxidachzeichen, Lampe für	589
stillen Taxialarm, Sicherung 3 auf Sicherungshalter C, Sicherung 3 auf Sicherungshalter D
